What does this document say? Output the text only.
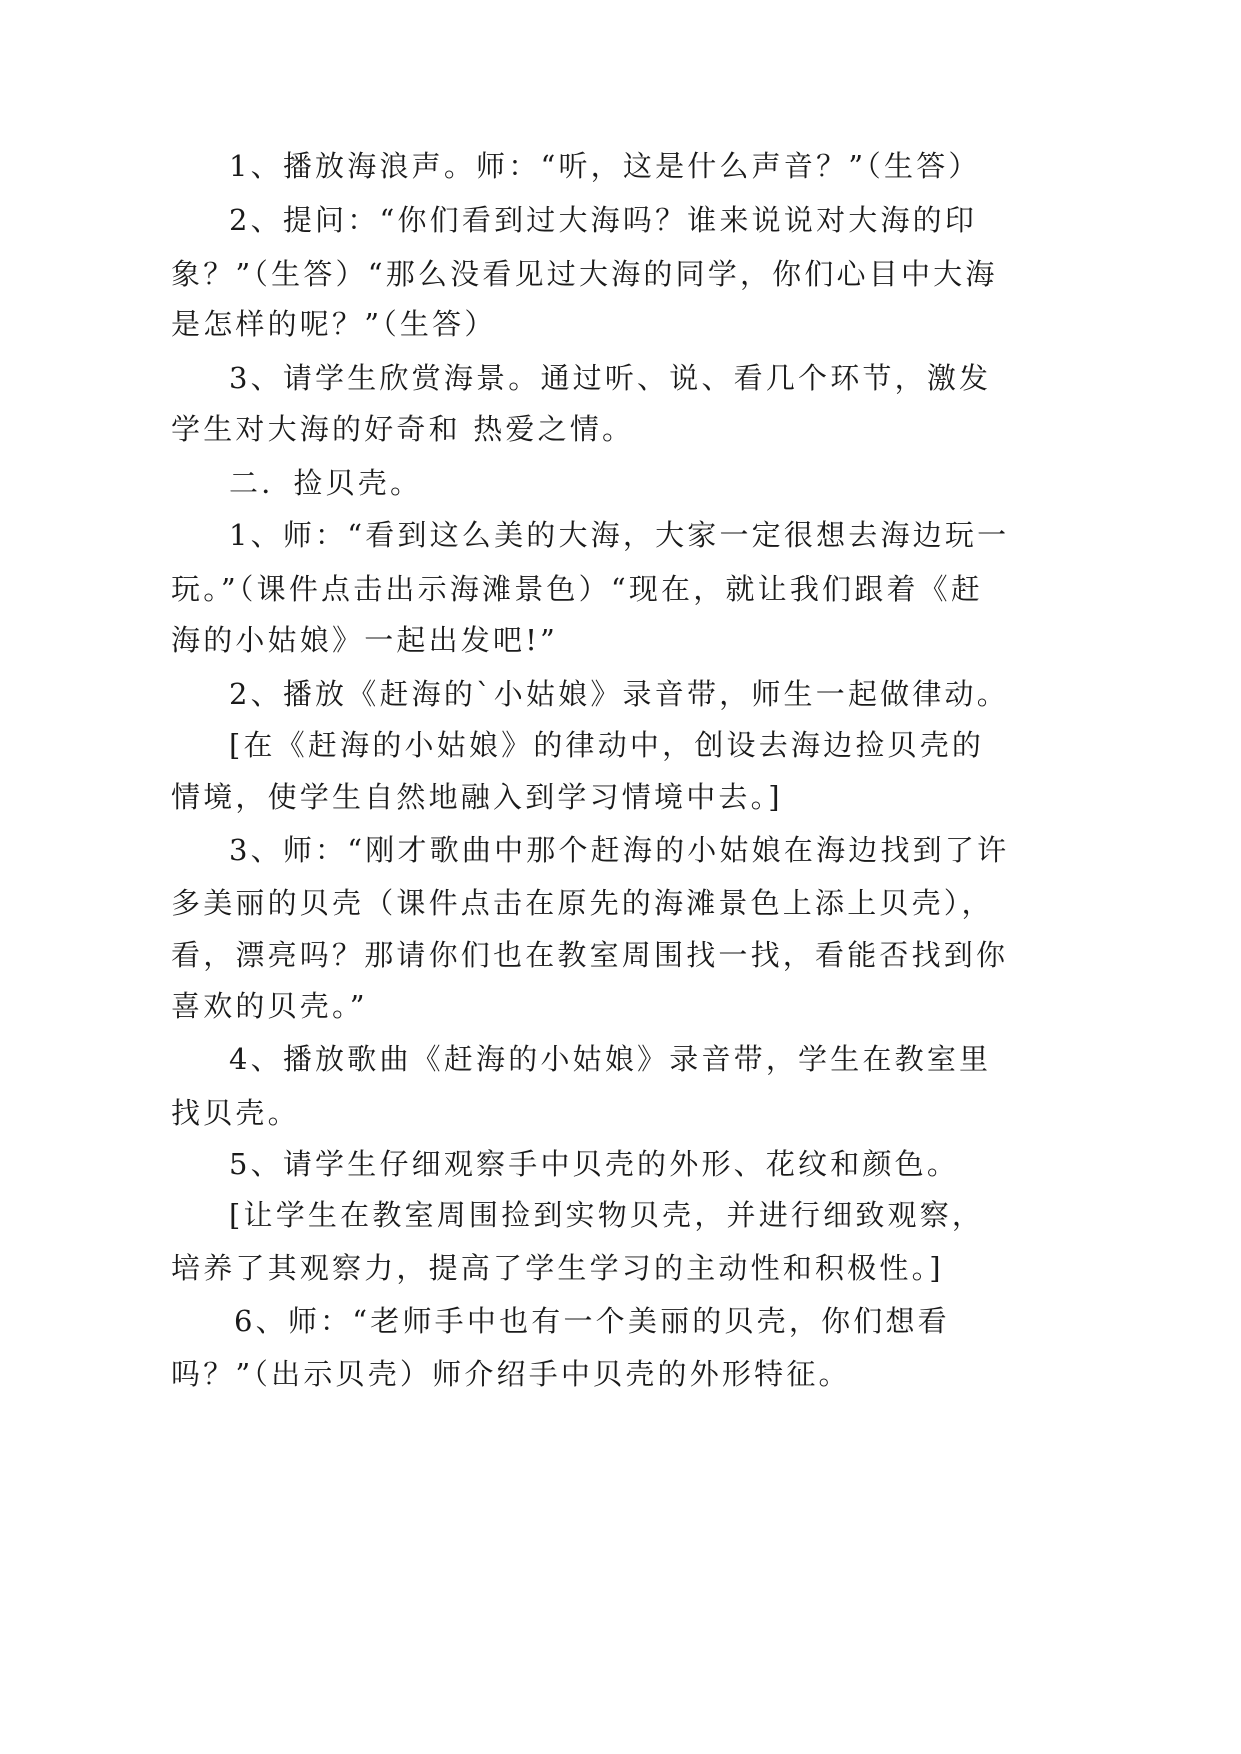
1、播放海浪声。师：“听，这是什么声音？”（生答）
2、提问：“你们看到过大海吗？谁来说说对大海的印
象？”（生答）“那么没看见过大海的同学，你们心目中大海
是怎样的呢？”（生答）
3、请学生欣赏海景。通过听、说、看几个环节，激发
学生对大海的好奇和 热爱之情。
二．捡贝壳。
1、师：“看到这么美的大海，大家一定很想去海边玩一
玩。”（课件点击出示海滩景色）“现在，就让我们跟着《赶
海的小姑娘》一起出发吧!”
2、播放《赶海的`小姑娘》录音带，师生一起做律动。
[在《赶海的小姑娘》的律动中，创设去海边捡贝壳的
情境，使学生自然地融入到学习情境中去。]
3、师：“刚才歌曲中那个赶海的小姑娘在海边找到了许
多美丽的贝壳（课件点击在原先的海滩景色上添上贝壳），
看，漂亮吗？那请你们也在教室周围找一找，看能否找到你
喜欢的贝壳。”
4、播放歌曲《赶海的小姑娘》录音带，学生在教室里
找贝壳。
5、请学生仔细观察手中贝壳的外形、花纹和颜色。
[让学生在教室周围捡到实物贝壳，并进行细致观察，
培养了其观察力，提高了学生学习的主动性和积极性。]
6、师：“老师手中也有一个美丽的贝壳，你们想看
吗？”（出示贝壳）师介绍手中贝壳的外形特征。
